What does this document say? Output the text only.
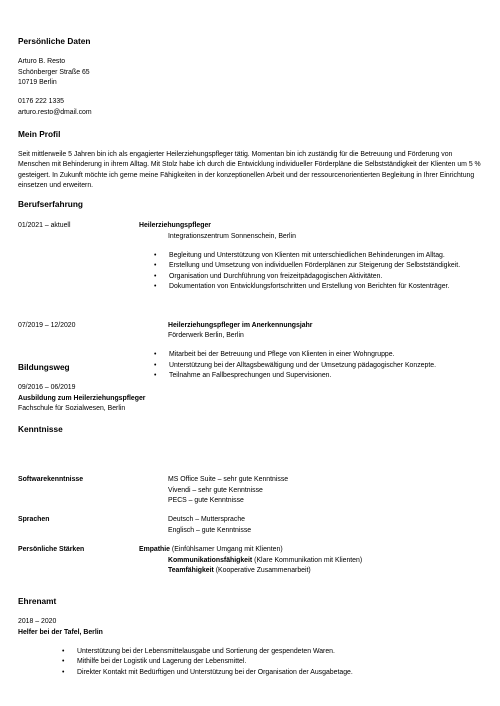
Persönliche Daten
Arturo B. Resto
Schönberger Straße 65
10719 Berlin
0176 222 1335
arturo.resto@dmail.com
Mein Profil
Seit mittlerweile 5 Jahren bin ich als engagierter Heilerziehungspfleger tätig. Momentan bin ich zuständig für die Betreuung und Förderung von Menschen mit Behinderung in ihrem Alltag. Mit Stolz habe ich durch die Entwicklung individueller Förderpläne die Selbstständigkeit der Klienten um 5 % gesteigert. In Zukunft möchte ich gerne meine Fähigkeiten in der konzeptionellen Arbeit und der ressourcenorientierten Begleitung in Ihrer Einrichtung einsetzen und erweitern.
Berufserfahrung
01/2021 – aktuell	Heilerziehungspfleger
Integrationszentrum Sonnenschein, Berlin
• Begleitung und Unterstützung von Klienten mit unterschiedlichen Behinderungen im Alltag.
• Erstellung und Umsetzung von individuellen Förderplänen zur Steigerung der Selbstständigkeit.
• Organisation und Durchführung von freizeitpädagogischen Aktivitäten.
• Dokumentation von Entwicklungsfortschritten und Erstellung von Berichten für Kostenträger.
07/2019 – 12/2020	Heilerziehungspfleger im Anerkennungsjahr
Förderwerk Berlin, Berlin
• Mitarbeit bei der Betreuung und Pflege von Klienten in einer Wohngruppe.
• Unterstützung bei der Alltagsbewältigung und der Umsetzung pädagogischer Konzepte.
• Teilnahme an Fallbesprechungen und Supervisionen.
Bildungsweg
09/2016 – 06/2019
Ausbildung zum Heilerziehungspfleger
Fachschule für Sozialwesen, Berlin
Kenntnisse
Softwarekenntnisse	MS Office Suite – sehr gute Kenntnisse
Vivendi – sehr gute Kenntnisse
PECS – gute Kenntnisse
Sprachen	Deutsch – Muttersprache
Englisch – gute Kenntnisse
Persönliche Stärken	Empathie (Einfühlsamer Umgang mit Klienten)
Kommunikationsfähigkeit (Klare Kommunikation mit Klienten)
Teamfähigkeit (Kooperative Zusammenarbeit)
Ehrenamt
2018 – 2020
Helfer bei der Tafel, Berlin
• Unterstützung bei der Lebensmittelausgabe und Sortierung der gespendeten Waren.
• Mithilfe bei der Logistik und Lagerung der Lebensmittel.
• Direkter Kontakt mit Bedürftigen und Unterstützung bei der Organisation der Ausgabetage.
